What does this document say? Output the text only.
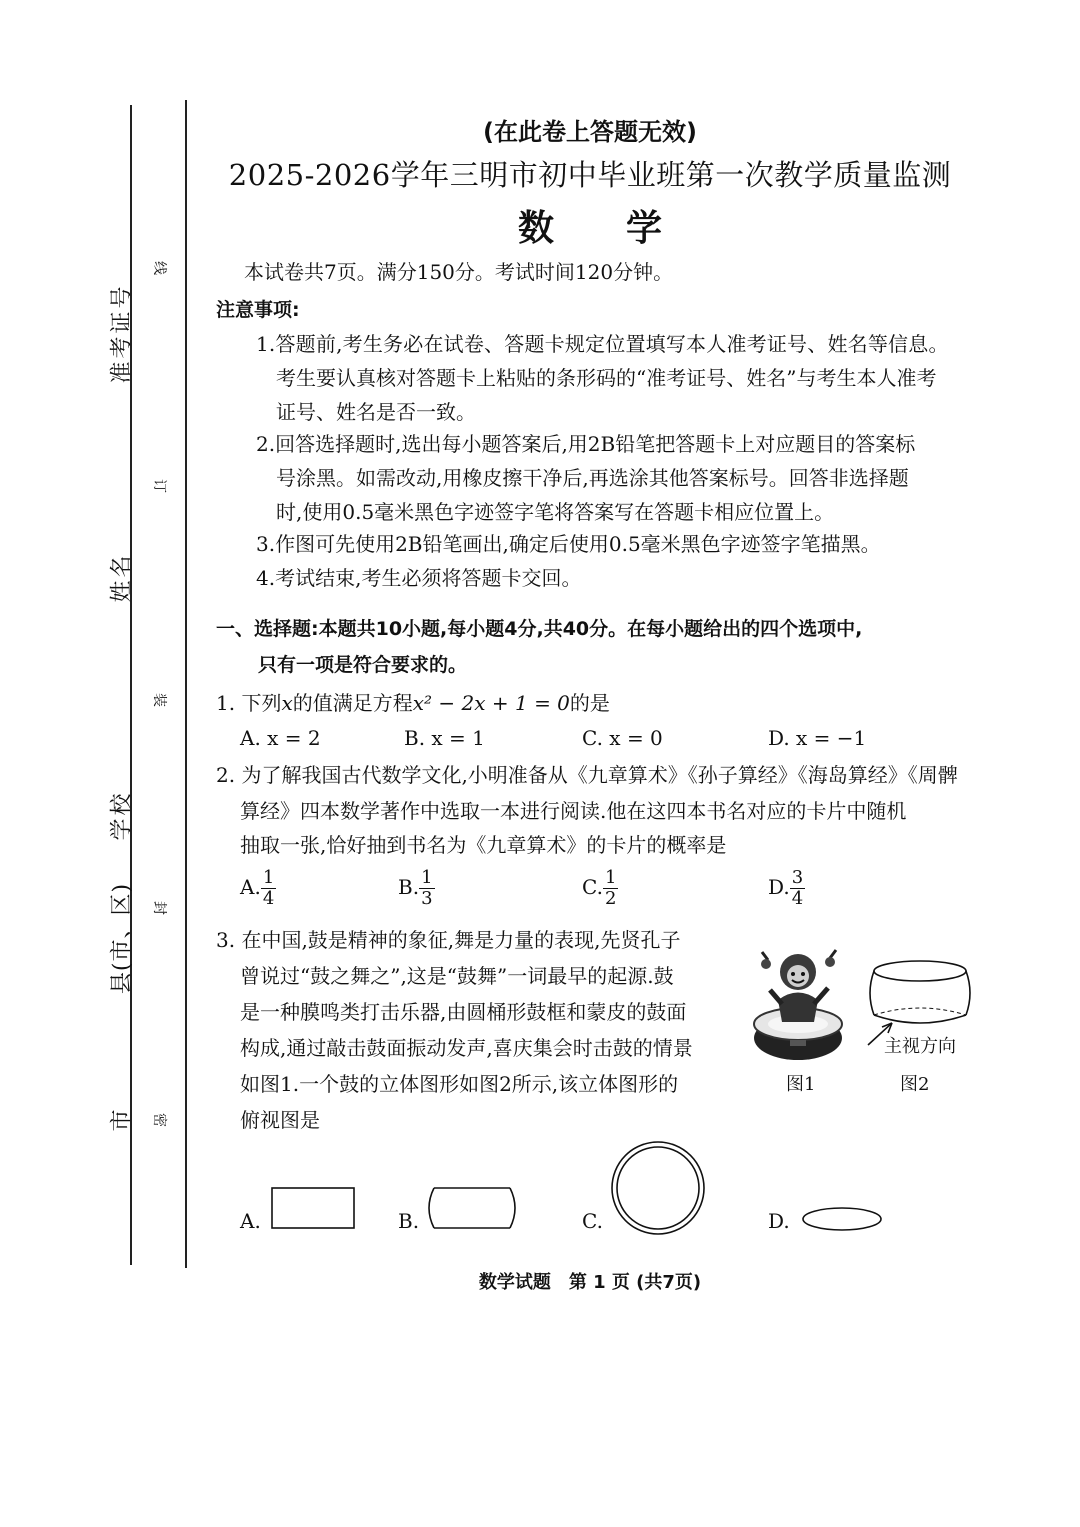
准考证号
姓名
学校
县(市、区)
市
线
订
装
封
密
(在此卷上答题无效)
2025-2026学年三明市初中毕业班第一次教学质量监测
数　　学
本试卷共7页。满分150分。考试时间120分钟。
注意事项:
1.答题前,考生务必在试卷、答题卡规定位置填写本人准考证号、姓名等信息。
考生要认真核对答题卡上粘贴的条形码的“准考证号、姓名”与考生本人准考
证号、姓名是否一致。
2.回答选择题时,选出每小题答案后,用2B铅笔把答题卡上对应题目的答案标
号涂黑。如需改动,用橡皮擦干净后,再选涂其他答案标号。回答非选择题
时,使用0.5毫米黑色字迹签字笔将答案写在答题卡相应位置上。
3.作图可先使用2B铅笔画出,确定后使用0.5毫米黑色字迹签字笔描黑。
4.考试结束,考生必须将答题卡交回。
一、选择题:本题共10小题,每小题4分,共40分。在每小题给出的四个选项中,
只有一项是符合要求的。
1. 下列x的值满足方程x² − 2x + 1 = 0的是
A. x = 2	B. x = 1	C. x = 0	D. x = −1
2. 为了解我国古代数学文化,小明准备从《九章算术》《孙子算经》《海岛算经》《周髀
算经》四本数学著作中选取一本进行阅读.他在这四本书名对应的卡片中随机
抽取一张,恰好抽到书名为《九章算术》的卡片的概率是
A. $\frac{1}{4}$	B. $\frac{1}{3}$	C. $\frac{1}{2}$	D. $\frac{3}{4}$
3. 在中国,鼓是精神的象征,舞是力量的表现,先贤孔子
曾说过“鼓之舞之”,这是“鼓舞”一词最早的起源.鼓
是一种膜鸣类打击乐器,由圆桶形鼓框和蒙皮的鼓面
构成,通过敲击鼓面振动发声,喜庆集会时击鼓的情景
如图1.一个鼓的立体图形如图2所示,该立体图形的
俯视图是
图1
主视方向
图2
A.	B.	C.	D.
数学试题　第 1 页 (共7页)
